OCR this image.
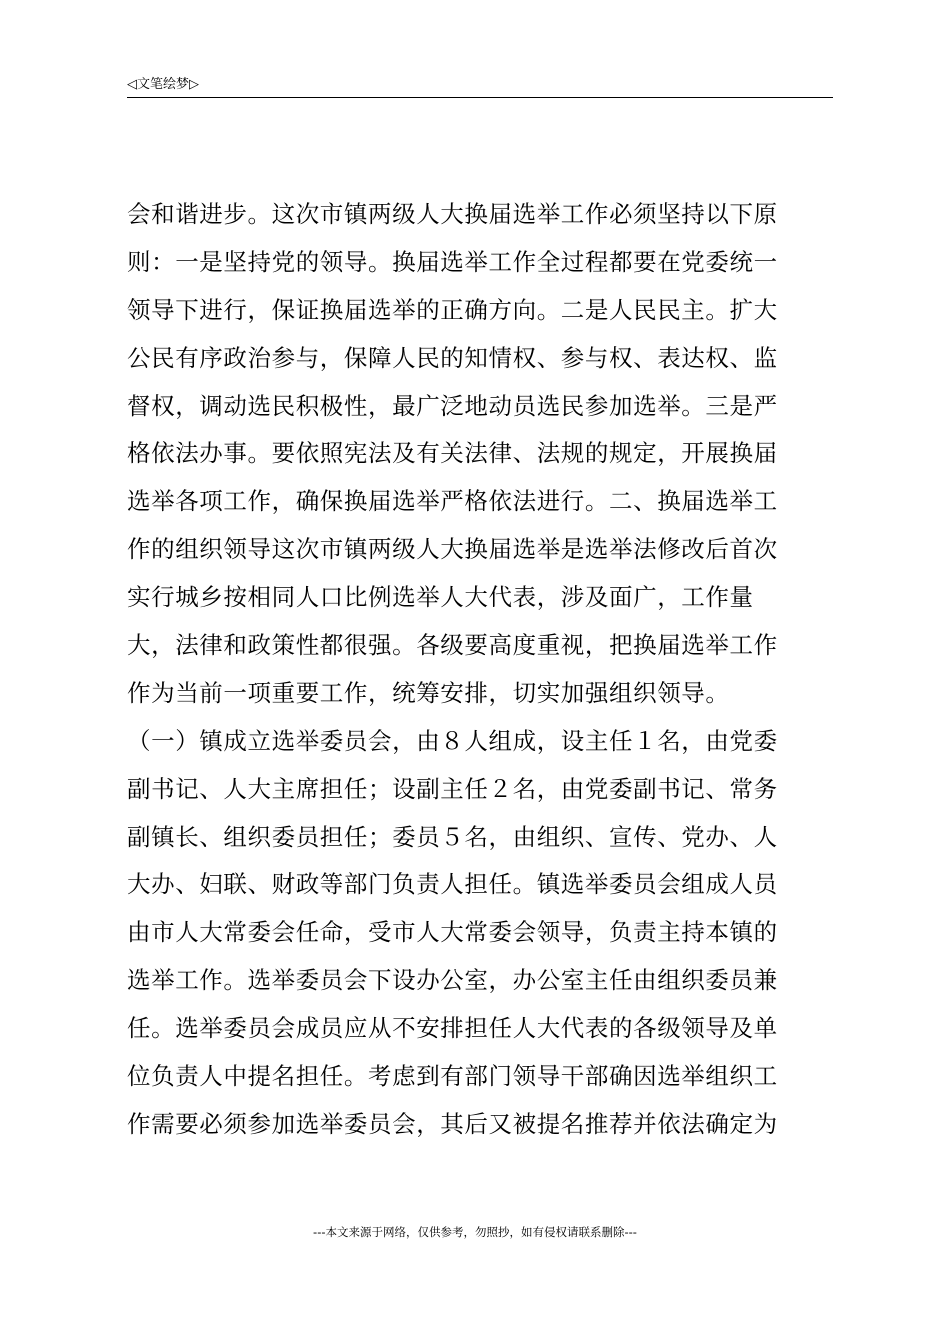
◁文笔绘梦▷
会和谐进步。这次市镇两级人大换届选举工作必须坚持以下原
则：一是坚持党的领导。换届选举工作全过程都要在党委统一
领导下进行，保证换届选举的正确方向。二是人民民主。扩大
公民有序政治参与，保障人民的知情权、参与权、表达权、监
督权，调动选民积极性，最广泛地动员选民参加选举。三是严
格依法办事。要依照宪法及有关法律、法规的规定，开展换届
选举各项工作，确保换届选举严格依法进行。二、换届选举工
作的组织领导这次市镇两级人大换届选举是选举法修改后首次
实行城乡按相同人口比例选举人大代表，涉及面广，工作量
大，法律和政策性都很强。各级要高度重视，把换届选举工作
作为当前一项重要工作，统筹安排，切实加强组织领导。
（一）镇成立选举委员会，由８人组成，设主任１名，由党委
副书记、人大主席担任；设副主任２名，由党委副书记、常务
副镇长、组织委员担任；委员５名，由组织、宣传、党办、人
大办、妇联、财政等部门负责人担任。镇选举委员会组成人员
由市人大常委会任命，受市人大常委会领导，负责主持本镇的
选举工作。选举委员会下设办公室，办公室主任由组织委员兼
任。选举委员会成员应从不安排担任人大代表的各级领导及单
位负责人中提名担任。考虑到有部门领导干部确因选举组织工
作需要必须参加选举委员会，其后又被提名推荐并依法确定为
---本文来源于网络，仅供参考，勿照抄，如有侵权请联系删除---
